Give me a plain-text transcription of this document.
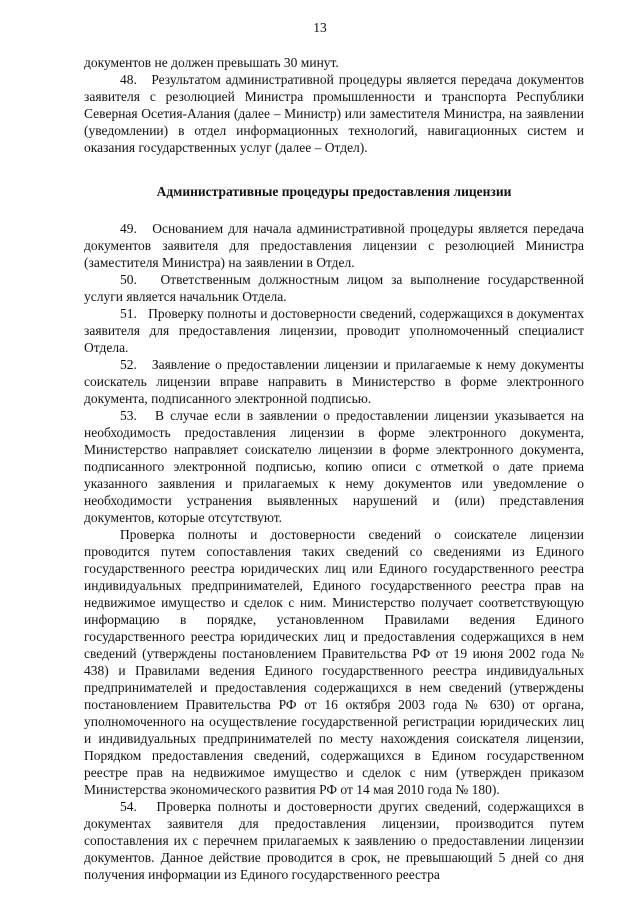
13

документов не должен превышать 30 минут.

48.   Результатом административной процедуры является передача документов заявителя с резолюцией Министра промышленности и транспорта Республики Северная Осетия-Алания (далее – Министр) или заместителя Министра, на заявлении (уведомлении) в отдел информационных технологий, навигационных систем и оказания государственных услуг (далее – Отдел).

Административные процедуры предоставления лицензии

49.   Основанием для начала административной процедуры является передача документов заявителя для предоставления лицензии с резолюцией Министра (заместителя Министра) на заявлении в Отдел.

50.   Ответственным должностным лицом за выполнение государственной услуги является начальник Отдела.

51.   Проверку полноты и достоверности сведений, содержащихся в документах заявителя для предоставления лицензии, проводит уполномоченный специалист Отдела.

52.   Заявление о предоставлении лицензии и прилагаемые к нему документы соискатель лицензии вправе направить в Министерство в форме электронного документа, подписанного электронной подписью.

53.   В случае если в заявлении о предоставлении лицензии указывается на необходимость предоставления лицензии в форме электронного документа, Министерство направляет соискателю лицензии в форме электронного документа, подписанного электронной подписью, копию описи с отметкой о дате приема указанного заявления и прилагаемых к нему документов или уведомление о необходимости устранения выявленных нарушений и (или) представления документов, которые отсутствуют.

Проверка полноты и достоверности сведений о соискателе лицензии проводится путем сопоставления таких сведений со сведениями из Единого государственного реестра юридических лиц или Единого государственного реестра индивидуальных предпринимателей, Единого государственного реестра прав на недвижимое имущество и сделок с ним. Министерство получает соответствующую информацию в порядке, установленном Правилами ведения Единого государственного реестра юридических лиц и предоставления содержащихся в нем сведений (утверждены постановлением Правительства РФ от 19 июня 2002 года № 438) и Правилами ведения Единого государственного реестра индивидуальных предпринимателей и предоставления содержащихся в нем сведений (утверждены постановлением Правительства РФ от 16 октября 2003 года № 630) от органа, уполномоченного на осуществление государственной регистрации юридических лиц и индивидуальных предпринимателей по месту нахождения соискателя лицензии, Порядком предоставления сведений, содержащихся в Едином государственном реестре прав на недвижимое имущество и сделок с ним (утвержден приказом Министерства экономического развития РФ от 14 мая 2010 года № 180).

54.   Проверка полноты и достоверности других сведений, содержащихся в документах заявителя для предоставления лицензии, производится путем сопоставления их с перечнем прилагаемых к заявлению о предоставлении лицензии документов. Данное действие проводится в срок, не превышающий 5 дней со дня получения информации из Единого государственного реестра
